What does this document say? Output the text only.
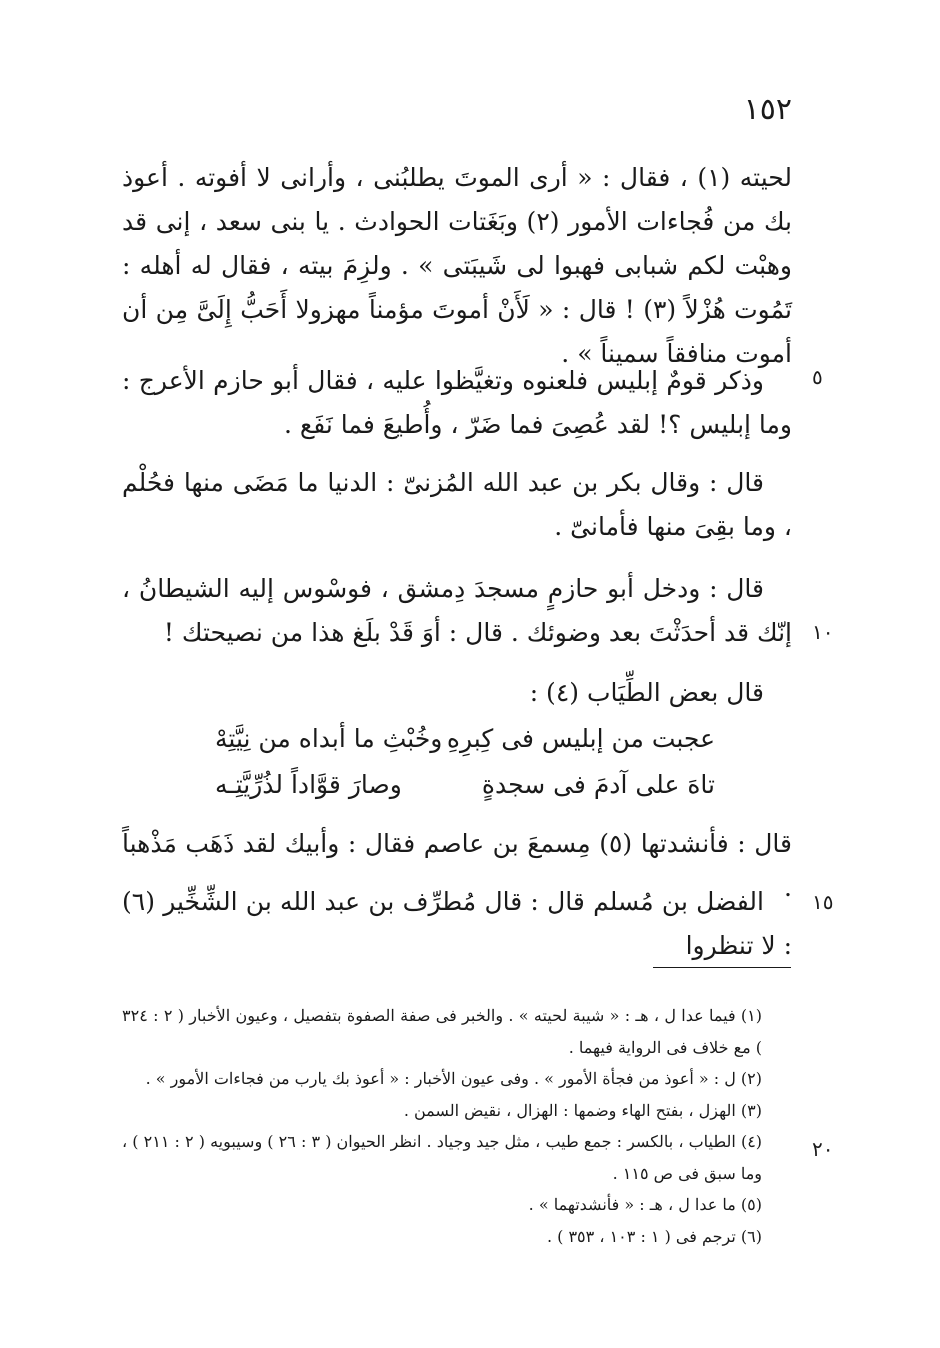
١٥٢

لحيته (١) ، فقال : « أرى الموتَ يطلبُنى ، وأرانى لا أفوته . أعوذ بك من فُجاءات الأمور (٢) وبَغَتات الحوادث . يا بنى سعد ، إنى قد وهبْت لكم شبابى فهبوا لى شَيبَتى » . ولزِمَ بيته ، فقال له أهله : تَمُوت هُزْلاً (٣) ! قال : « لَأَنْ أموتَ مؤمناً مهزولا أَحَبُّ إِلَىَّ مِن أن أموت منافقاً سميناً » .

وذكر قومٌ إبليس فلعنوه وتغيَّظوا عليه ، فقال أبو حازم الأعرج : وما إبليس ؟! لقد عُصِىَ فما ضَرّ ، وأُطيعَ فما نَفَع .

٥

قال : وقال بكر بن عبد الله المُزنىّ : الدنيا ما مَضَى منها فحُلْم ، وما بقِىَ منها فأمانىّ .

قال : ودخل أبو حازمٍ مسجدَ دِمشق ، فوسْوس إليه الشيطانُ ، إنّك قد أحدَثْتَ بعد وضوئك . قال : أوَ قَدْ بلَغ هذا من نصيحتك ! ١٠

قال بعض الطِّيَاب (٤) :

عجبت من إبليس فى كِبرِهِ
وخُبْثِ ما أبداه من نِيَّتِهْ
تاهَ على آدمَ فى سجدةٍ
وصارَ قوَّاداً لذُرِّيَّتِـه

قال : فأنشدتها (٥) مِسمعَ بن عاصم فقال : وأبيك لقد ذَهَب مَذْهباً .

الفضل بن مُسلم قال : قال مُطرِّف بن عبد الله بن الشِّخِّير (٦) : لا تنظروا

١٥

(١) فيما عدا ل ، هـ : « شيبة لحيته » . والخبر فى صفة الصفوة بتفصيل ، وعيون الأخبار ( ٢ : ٣٢٤ ) مع خلاف فى الرواية فيهما .

(٢) ل : « أعوذ من فجأة الأمور » . وفى عيون الأخبار : « أعوذ بك يارب من فجاءات الأمور » .

(٣) الهزل ، بفتح الهاء وضمها : الهزال ، نقيض السمن .

(٤) الطياب ، بالكسر : جمع طيب ، مثل جيد وجياد . انظر الحيوان ( ٣ : ٢٦ ) وسيبويه ( ٢ : ٢١١ ) ، وما سبق فى ص ١١٥ .

(٥) ما عدا ل ، هـ : « فأنشدتهما » .

(٦) ترجم فى ( ١ : ١٠٣ ، ٣٥٣ ) .

٢٠
